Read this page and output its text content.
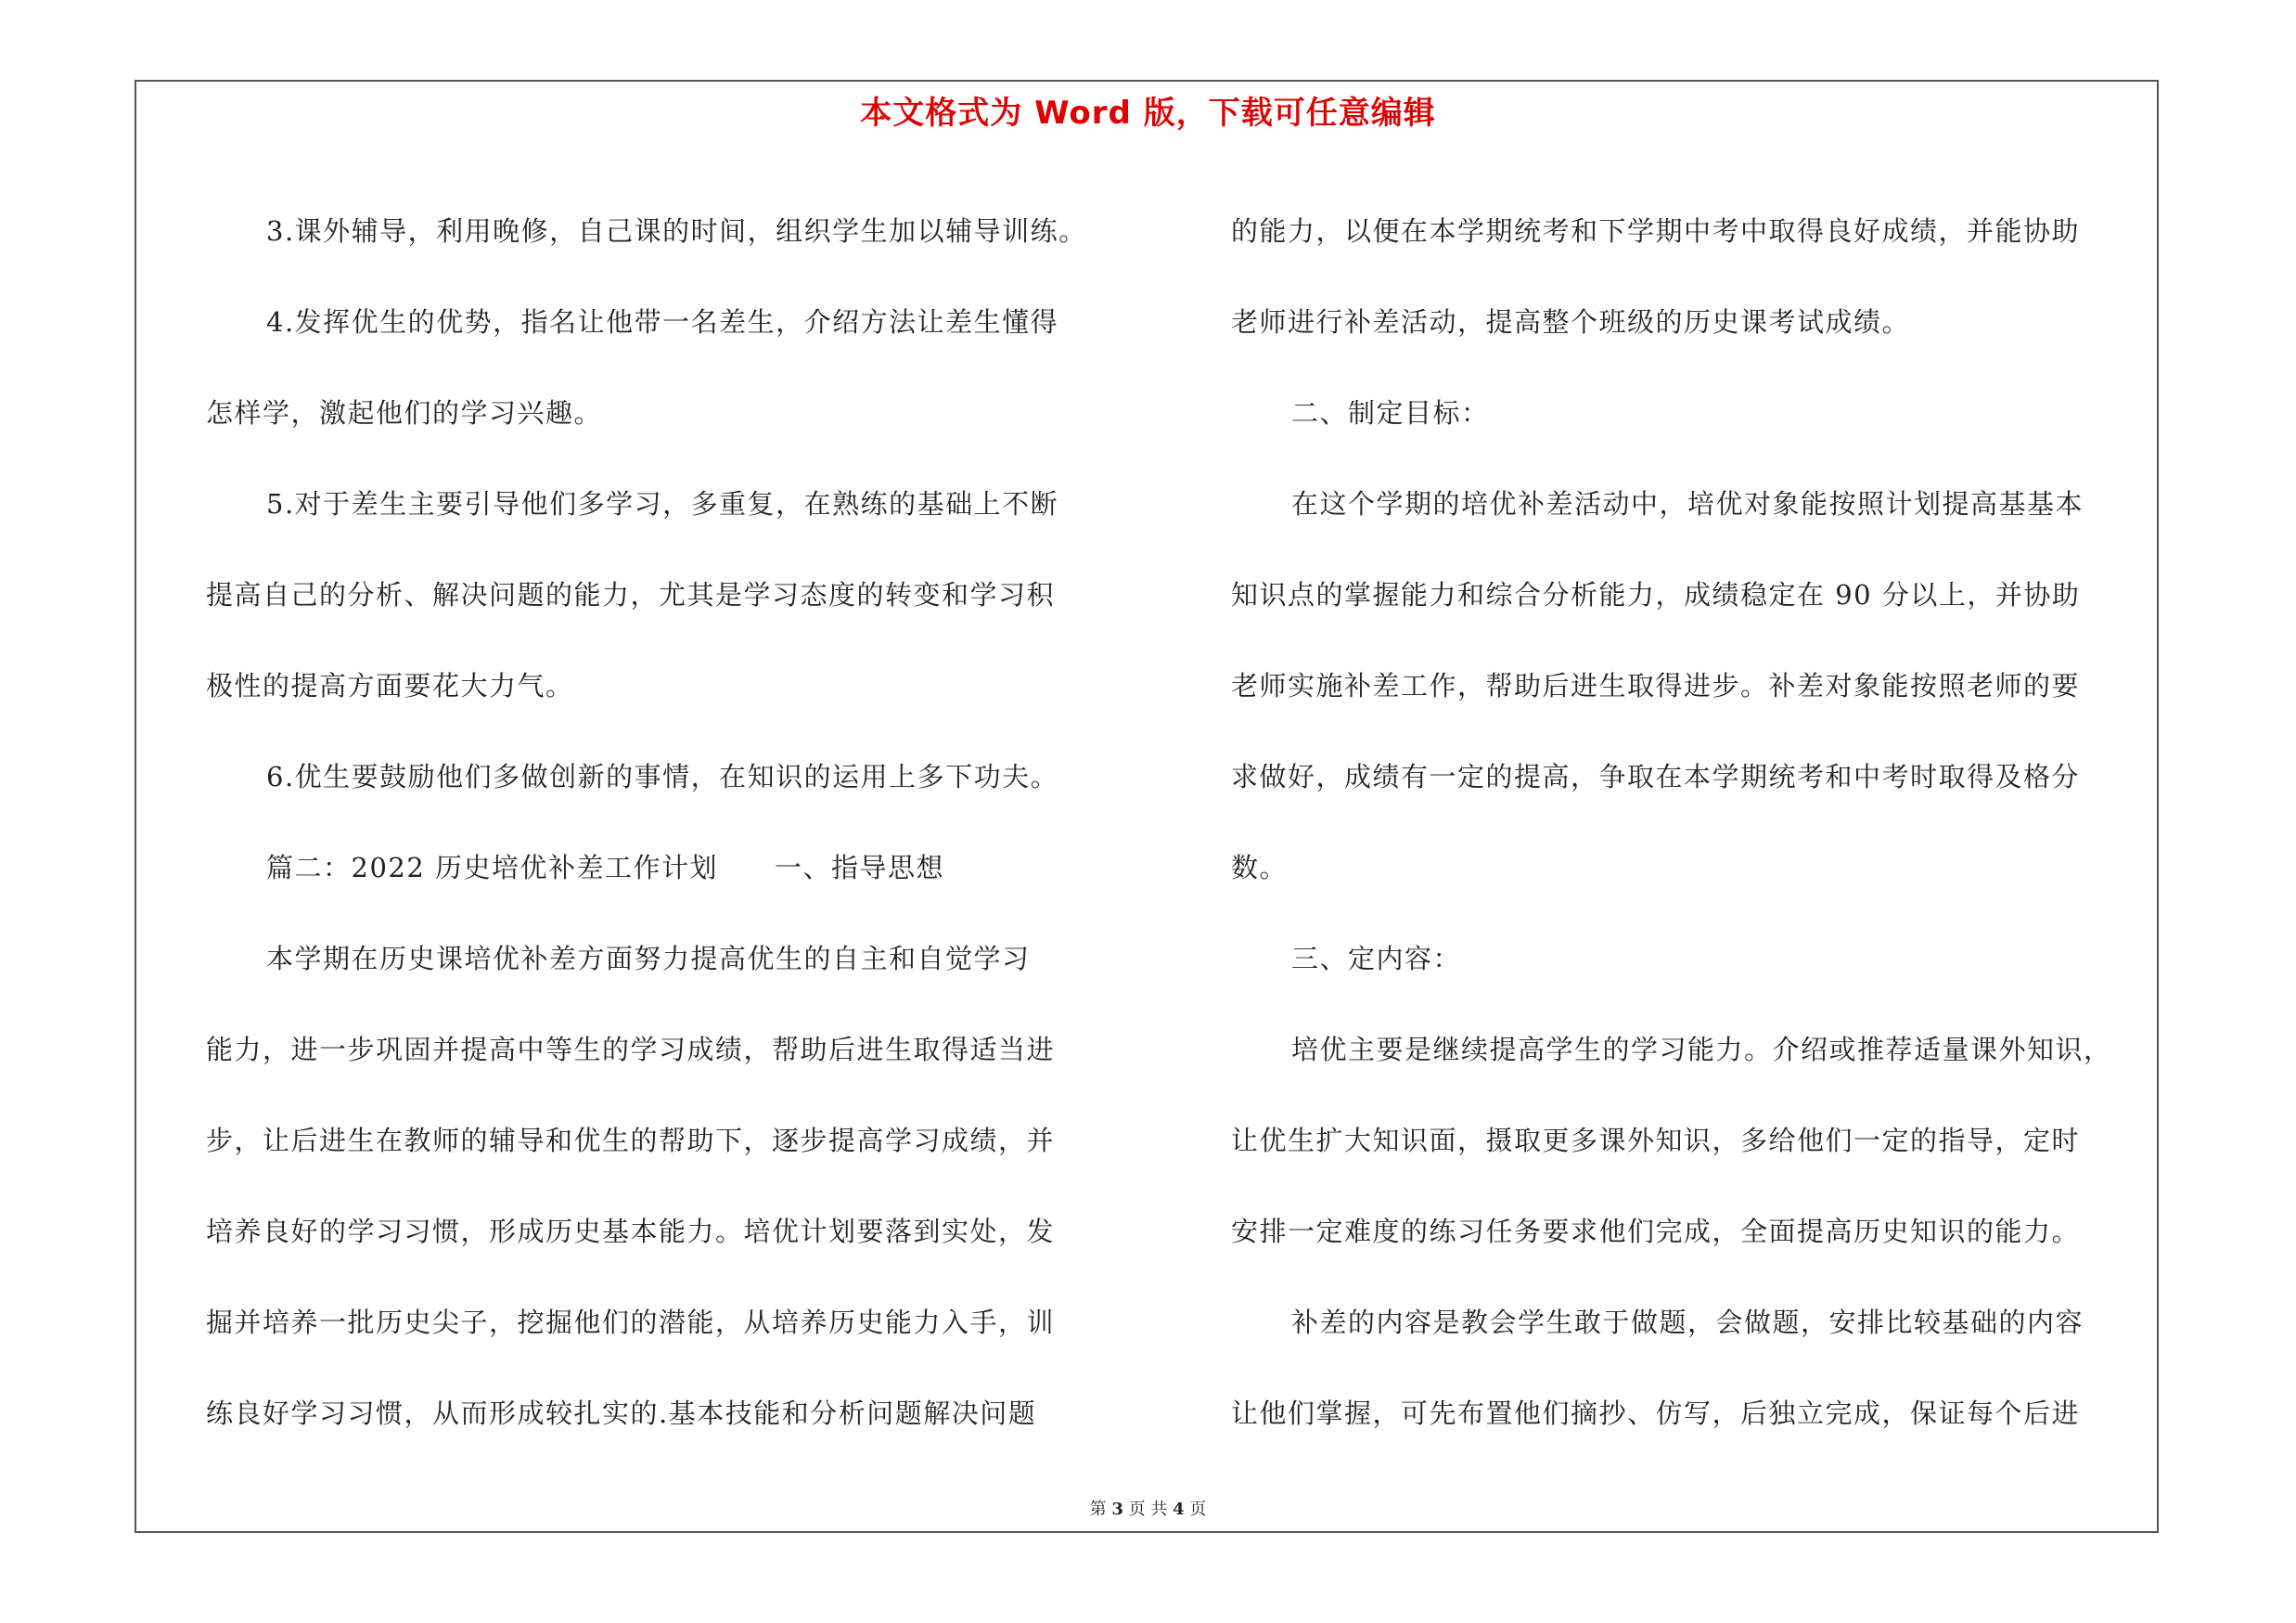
本文格式为 Word 版，下载可任意编辑
3.课外辅导，利用晚修，自己课的时间，组织学生加以辅导训练。
4.发挥优生的优势，指名让他带一名差生，介绍方法让差生懂得
怎样学，激起他们的学习兴趣。
5.对于差生主要引导他们多学习，多重复，在熟练的基础上不断
提高自己的分析、解决问题的能力，尤其是学习态度的转变和学习积
极性的提高方面要花大力气。
6.优生要鼓励他们多做创新的事情，在知识的运用上多下功夫。
篇二：2022 历史培优补差工作计划　　一、指导思想
本学期在历史课培优补差方面努力提高优生的自主和自觉学习
能力，进一步巩固并提高中等生的学习成绩，帮助后进生取得适当进
步，让后进生在教师的辅导和优生的帮助下，逐步提高学习成绩，并
培养良好的学习习惯，形成历史基本能力。培优计划要落到实处，发
掘并培养一批历史尖子，挖掘他们的潜能，从培养历史能力入手，训
练良好学习习惯，从而形成较扎实的.基本技能和分析问题解决问题
的能力，以便在本学期统考和下学期中考中取得良好成绩，并能协助
老师进行补差活动，提高整个班级的历史课考试成绩。
二、制定目标：
在这个学期的培优补差活动中，培优对象能按照计划提高基基本
知识点的掌握能力和综合分析能力，成绩稳定在 90 分以上，并协助
老师实施补差工作，帮助后进生取得进步。补差对象能按照老师的要
求做好，成绩有一定的提高，争取在本学期统考和中考时取得及格分
数。
三、定内容：
培优主要是继续提高学生的学习能力。介绍或推荐适量课外知识，
让优生扩大知识面，摄取更多课外知识，多给他们一定的指导，定时
安排一定难度的练习任务要求他们完成，全面提高历史知识的能力。
补差的内容是教会学生敢于做题，会做题，安排比较基础的内容
让他们掌握，可先布置他们摘抄、仿写，后独立完成，保证每个后进
第 3 页 共 4 页
